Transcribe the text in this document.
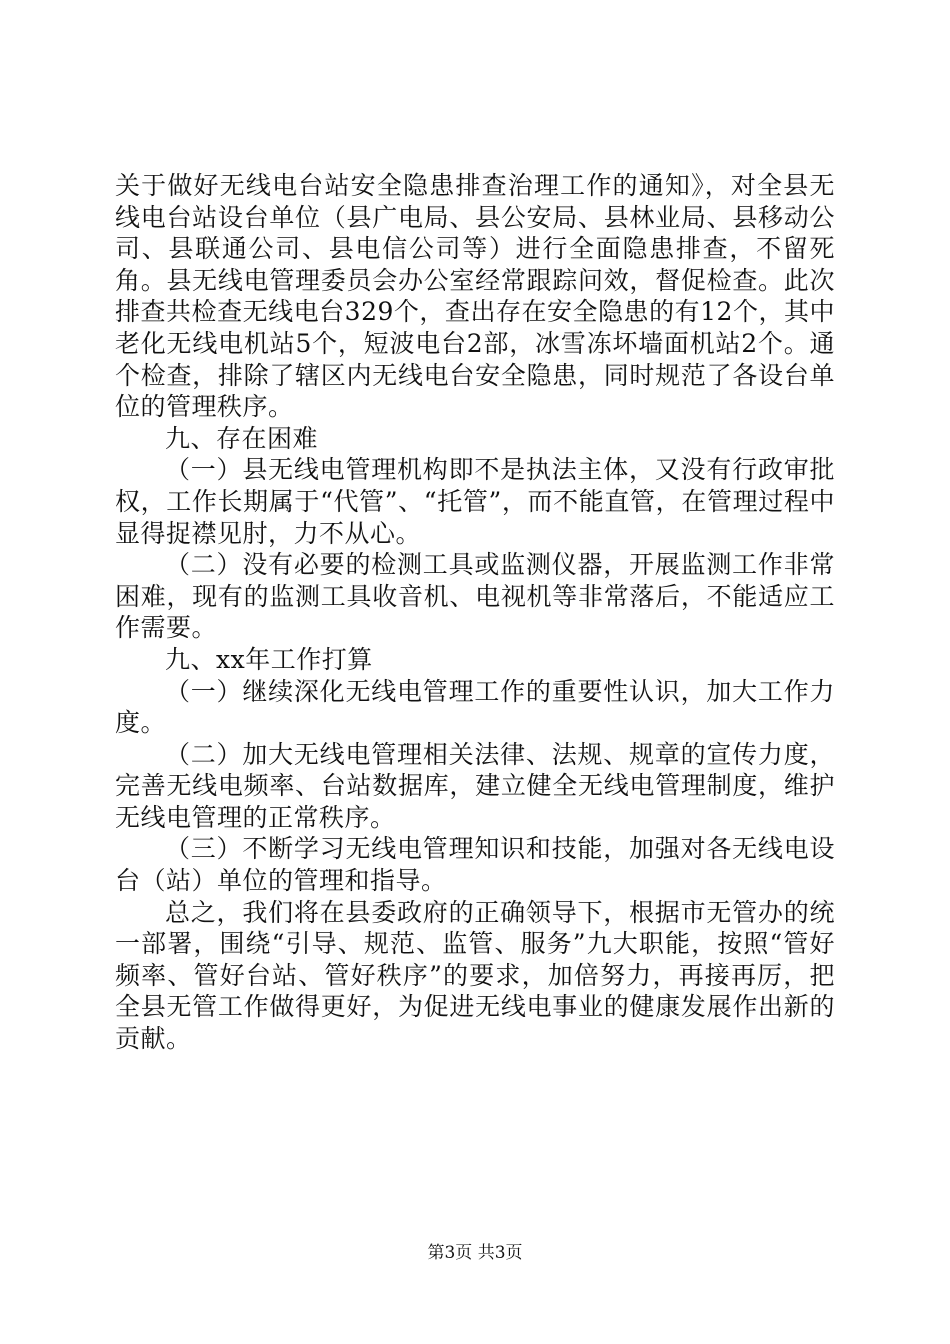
关于做好无线电台站安全隐患排查治理工作的通知》，对全县无线电台站设台单位（县广电局、县公安局、县林业局、县移动公司、县联通公司、县电信公司等）进行全面隐患排查，不留死角。县无线电管理委员会办公室经常跟踪问效，督促检查。此次排查共检查无线电台329个，查出存在安全隐患的有12个，其中老化无线电机站5个，短波电台2部，冰雪冻坏墙面机站2个。通个检查，排除了辖区内无线电台安全隐患，同时规范了各设台单位的管理秩序。

九、存在困难

（一）县无线电管理机构即不是执法主体，又没有行政审批权，工作长期属于“代管”、“托管”，而不能直管，在管理过程中显得捉襟见肘，力不从心。

（二）没有必要的检测工具或监测仪器，开展监测工作非常困难，现有的监测工具收音机、电视机等非常落后，不能适应工作需要。

九、xx年工作打算

（一）继续深化无线电管理工作的重要性认识，加大工作力度。

（二）加大无线电管理相关法律、法规、规章的宣传力度，完善无线电频率、台站数据库，建立健全无线电管理制度，维护无线电管理的正常秩序。

（三）不断学习无线电管理知识和技能，加强对各无线电设台（站）单位的管理和指导。

总之，我们将在县委政府的正确领导下，根据市无管办的统一部署，围绕“引导、规范、监管、服务”九大职能，按照“管好频率、管好台站、管好秩序”的要求，加倍努力，再接再厉，把全县无管工作做得更好，为促进无线电事业的健康发展作出新的贡献。

第3页 共3页
